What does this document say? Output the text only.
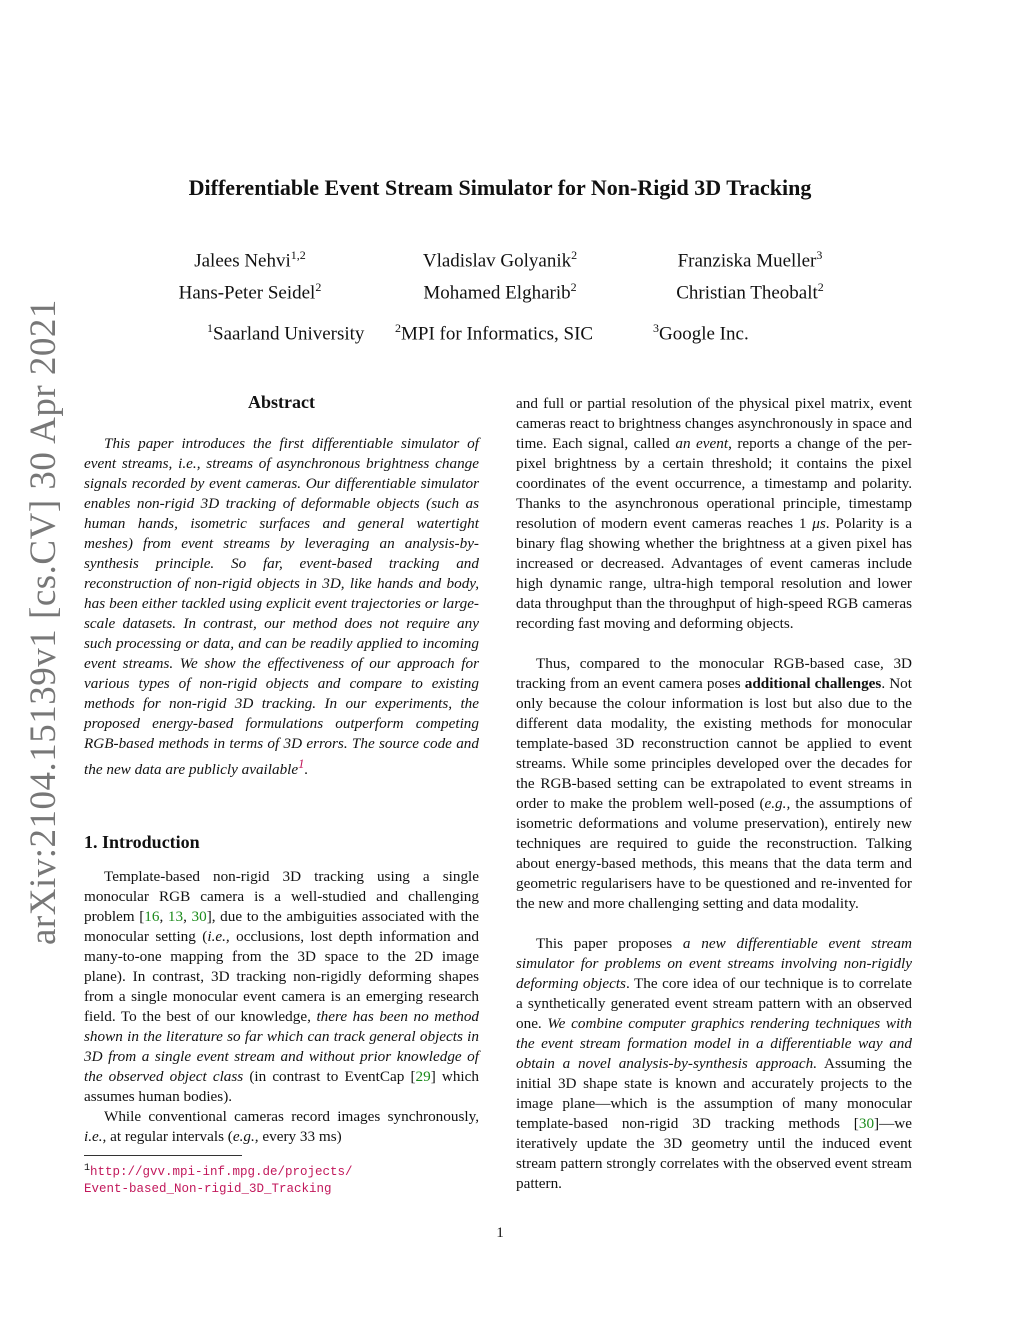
arXiv:2104.15139v1 [cs.CV] 30 Apr 2021
Differentiable Event Stream Simulator for Non-Rigid 3D Tracking
Jalees Nehvi$^{1,2}$	Vladislav Golyanik$^2$	Franziska Mueller$^3$
Hans-Peter Seidel$^2$	Mohamed Elgharib$^2$	Christian Theobalt$^2$
$^1$Saarland University	$^2$MPI for Informatics, SIC	$^3$Google Inc.
Abstract
This paper introduces the first differentiable simulator of event streams, i.e., streams of asynchronous brightness change signals recorded by event cameras. Our differentiable simulator enables non-rigid 3D tracking of deformable objects (such as human hands, isometric surfaces and general watertight meshes) from event streams by leveraging an analysis-by-synthesis principle. So far, event-based tracking and reconstruction of non-rigid objects in 3D, like hands and body, has been either tackled using explicit event trajectories or large-scale datasets. In contrast, our method does not require any such processing or data, and can be readily applied to incoming event streams. We show the effectiveness of our approach for various types of non-rigid objects and compare to existing methods for non-rigid 3D tracking. In our experiments, the proposed energy-based formulations outperform competing RGB-based methods in terms of 3D errors. The source code and the new data are publicly available$^1$.
1. Introduction
Template-based non-rigid 3D tracking using a single monocular RGB camera is a well-studied and challenging problem [16, 13, 30], due to the ambiguities associated with the monocular setting (i.e., occlusions, lost depth information and many-to-one mapping from the 3D space to the 2D image plane). In contrast, 3D tracking non-rigidly deforming shapes from a single monocular event camera is an emerging research field. To the best of our knowledge, there has been no method shown in the literature so far which can track general objects in 3D from a single event stream and without prior knowledge of the observed object class (in contrast to EventCap [29] which assumes human bodies).
While conventional cameras record images synchronously, i.e., at regular intervals (e.g., every 33 ms)
$^1$http://gvv.mpi-inf.mpg.de/projects/
Event-based_Non-rigid_3D_Tracking
and full or partial resolution of the physical pixel matrix, event cameras react to brightness changes asynchronously in space and time. Each signal, called an event, reports a change of the per-pixel brightness by a certain threshold; it contains the pixel coordinates of the event occurrence, a timestamp and polarity. Thanks to the asynchronous operational principle, timestamp resolution of modern event cameras reaches 1 μs. Polarity is a binary flag showing whether the brightness at a given pixel has increased or decreased. Advantages of event cameras include high dynamic range, ultra-high temporal resolution and lower data throughput than the throughput of high-speed RGB cameras recording fast moving and deforming objects.
Thus, compared to the monocular RGB-based case, 3D tracking from an event camera poses additional challenges. Not only because the colour information is lost but also due to the different data modality, the existing methods for monocular template-based 3D reconstruction cannot be applied to event streams. While some principles developed over the decades for the RGB-based setting can be extrapolated to event streams in order to make the problem well-posed (e.g., the assumptions of isometric deformations and volume preservation), entirely new techniques are required to guide the reconstruction. Talking about energy-based methods, this means that the data term and geometric regularisers have to be questioned and re-invented for the new and more challenging setting and data modality.
This paper proposes a new differentiable event stream simulator for problems on event streams involving non-rigidly deforming objects. The core idea of our technique is to correlate a synthetically generated event stream pattern with an observed one. We combine computer graphics rendering techniques with the event stream formation model in a differentiable way and obtain a novel analysis-by-synthesis approach. Assuming the initial 3D shape state is known and accurately projects to the image plane—which is the assumption of many monocular template-based non-rigid 3D tracking methods [30]—we iteratively update the 3D geometry until the induced event stream pattern strongly correlates with the observed event stream pattern.
1
